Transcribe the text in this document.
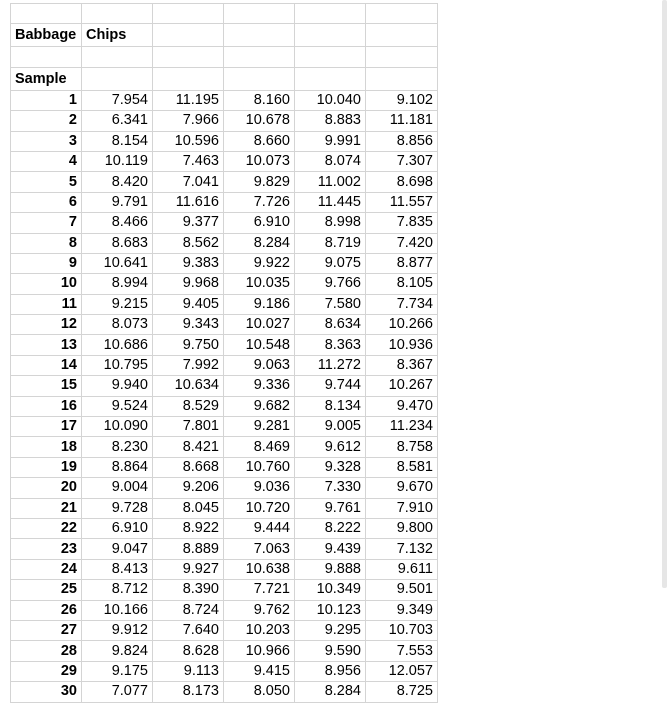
Babbage	Chips				

Sample					
1	7.954	11.195	8.160	10.040	9.102
2	6.341	7.966	10.678	8.883	11.181
3	8.154	10.596	8.660	9.991	8.856
4	10.119	7.463	10.073	8.074	7.307
5	8.420	7.041	9.829	11.002	8.698
6	9.791	11.616	7.726	11.445	11.557
7	8.466	9.377	6.910	8.998	7.835
8	8.683	8.562	8.284	8.719	7.420
9	10.641	9.383	9.922	9.075	8.877
10	8.994	9.968	10.035	9.766	8.105
11	9.215	9.405	9.186	7.580	7.734
12	8.073	9.343	10.027	8.634	10.266
13	10.686	9.750	10.548	8.363	10.936
14	10.795	7.992	9.063	11.272	8.367
15	9.940	10.634	9.336	9.744	10.267
16	9.524	8.529	9.682	8.134	9.470
17	10.090	7.801	9.281	9.005	11.234
18	8.230	8.421	8.469	9.612	8.758
19	8.864	8.668	10.760	9.328	8.581
20	9.004	9.206	9.036	7.330	9.670
21	9.728	8.045	10.720	9.761	7.910
22	6.910	8.922	9.444	8.222	9.800
23	9.047	8.889	7.063	9.439	7.132
24	8.413	9.927	10.638	9.888	9.611
25	8.712	8.390	7.721	10.349	9.501
26	10.166	8.724	9.762	10.123	9.349
27	9.912	7.640	10.203	9.295	10.703
28	9.824	8.628	10.966	9.590	7.553
29	9.175	9.113	9.415	8.956	12.057
30	7.077	8.173	8.050	8.284	8.725
